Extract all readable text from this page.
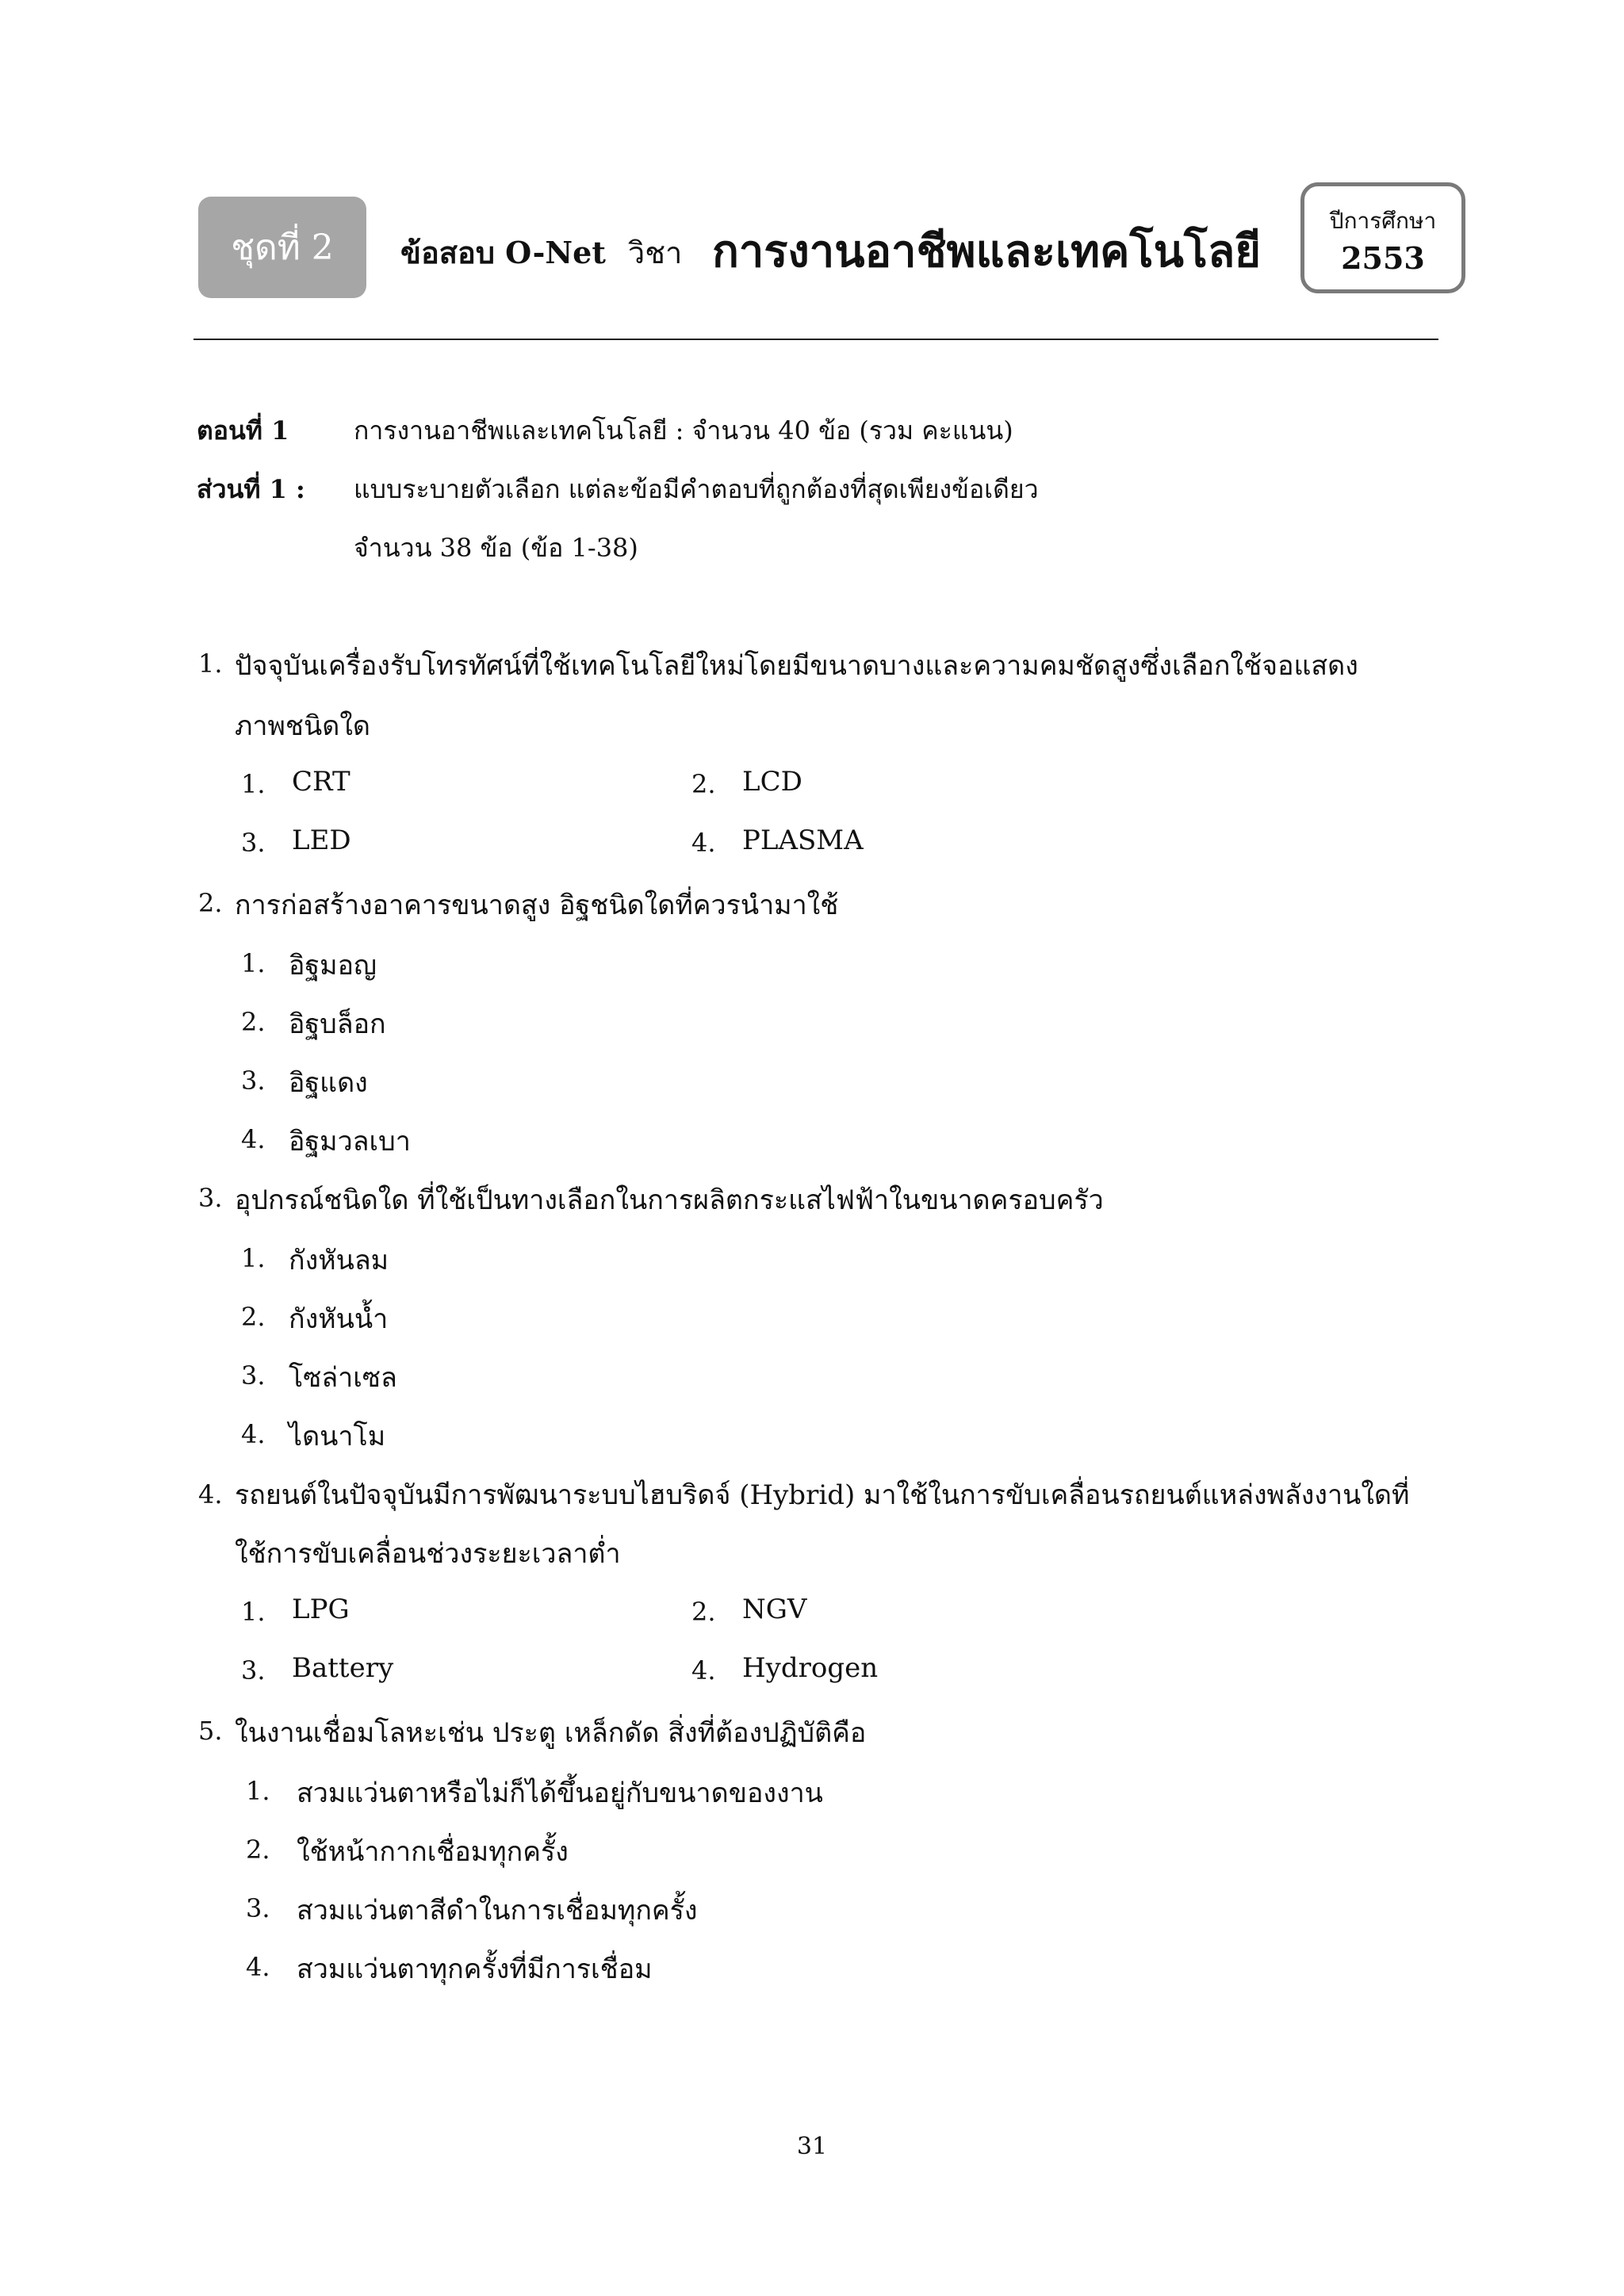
ชุดที่ 2 ข้อสอบ O-Net วิชา การงานอาชีพและเทคโนโลยี
ปีการศึกษา
2553
ตอนที่ 1	การงานอาชีพและเทคโนโลยี : จำนวน 40 ข้อ (รวม คะแนน)
ส่วนที่ 1 : แบบระบายตัวเลือก แต่ละข้อมีคำตอบที่ถูกต้องที่สุดเพียงข้อเดียว
จำนวน 38 ข้อ (ข้อ 1-38)
1. ปัจจุบันเครื่องรับโทรทัศน์ที่ใช้เทคโนโลยีใหม่โดยมีขนาดบางและความคมชัดสูงซึ่งเลือกใช้จอแสดง
ภาพชนิดใด
1. CRT	2. LCD
3. LED	4. PLASMA
2. การก่อสร้างอาคารขนาดสูง อิฐชนิดใดที่ควรนำมาใช้
1. อิฐมอญ
2. อิฐบล็อก
3. อิฐแดง
4. อิฐมวลเบา
3. อุปกรณ์ชนิดใด ที่ใช้เป็นทางเลือกในการผลิตกระแสไฟฟ้าในขนาดครอบครัว
1. กังหันลม
2. กังหันน้ำ
3. โซล่าเซล
4. ไดนาโม
4. รถยนต์ในปัจจุบันมีการพัฒนาระบบไฮบริดจ์ (Hybrid) มาใช้ในการขับเคลื่อนรถยนต์แหล่งพลังงานใดที่
ใช้การขับเคลื่อนช่วงระยะเวลาต่ำ
1. LPG	2. NGV
3. Battery	4. Hydrogen
5. ในงานเชื่อมโลหะเช่น ประตู เหล็กดัด สิ่งที่ต้องปฏิบัติคือ
1. สวมแว่นตาหรือไม่ก็ได้ขึ้นอยู่กับขนาดของงาน
2. ใช้หน้ากากเชื่อมทุกครั้ง
3. สวมแว่นตาสีดำในการเชื่อมทุกครั้ง
4. สวมแว่นตาทุกครั้งที่มีการเชื่อม
31
